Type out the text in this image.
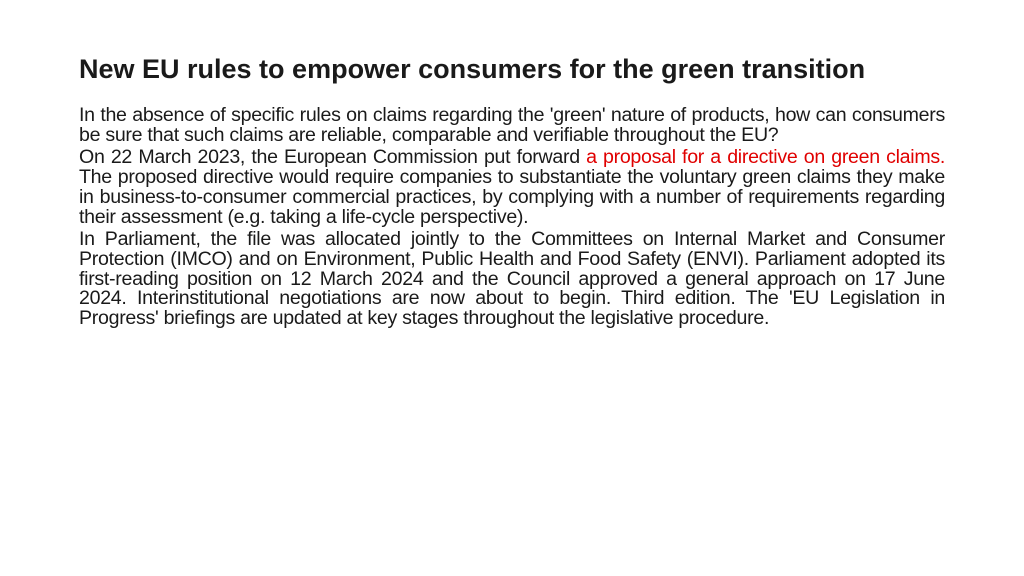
New EU rules to empower consumers for the green transition

In the absence of specific rules on claims regarding the 'green' nature of products, how can consumers be sure that such claims are reliable, comparable and verifiable throughout the EU?

On 22 March 2023, the European Commission put forward a proposal for a directive on green claims. The proposed directive would require companies to substantiate the voluntary green claims they make in business-to-consumer commercial practices, by complying with a number of requirements regarding their assessment (e.g. taking a life-cycle perspective).

In Parliament, the file was allocated jointly to the Committees on Internal Market and Consumer Protection (IMCO) and on Environment, Public Health and Food Safety (ENVI). Parliament adopted its first-reading position on 12 March 2024 and the Council approved a general approach on 17 June 2024. Interinstitutional negotiations are now about to begin. Third edition. The 'EU Legislation in Progress' briefings are updated at key stages throughout the legislative procedure.
